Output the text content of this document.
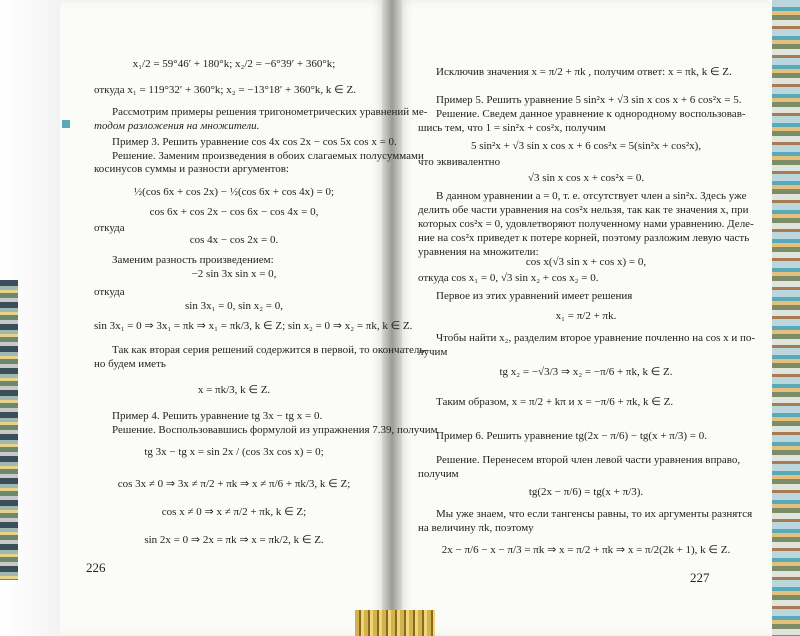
226
227
x₁/2 = 59°46′ + 180°k; x₂/2 = −6°39′ + 360°k;
откуда x₁ = 119°32′ + 360°k; x₂ = −13°18′ + 360°k, k ∈ Z.
Рассмотрим примеры решения тригонометрических уравнений ме-
тодом разложения на множители.
Пример 3. Решить уравнение cos 4x cos 2x − cos 5x cos x = 0.
Решение. Заменим произведения в обоих слагаемых полусуммами
косинусов суммы и разности аргументов:
½(cos 6x + cos 2x) − ½(cos 6x + cos 4x) = 0;
cos 6x + cos 2x − cos 6x − cos 4x = 0,
откуда
cos 4x − cos 2x = 0.
Заменим разность произведением:
−2 sin 3x sin x = 0,
откуда
sin 3x₁ = 0, sin x₂ = 0,
sin 3x₁ = 0 ⇒ 3x₁ = πk ⇒ x₁ = πk/3, k ∈ Z; sin x₂ = 0 ⇒ x₂ = πk, k ∈ Z.
Так как вторая серия решений содержится в первой, то окончатель-
но будем иметь
x = πk/3, k ∈ Z.
Пример 4. Решить уравнение tg 3x − tg x = 0.
Решение. Воспользовавшись формулой из упражнения 7.39, получим
tg 3x − tg x = sin 2x / (cos 3x cos x) = 0;
cos 3x ≠ 0 ⇒ 3x ≠ π/2 + πk ⇒ x ≠ π/6 + πk/3, k ∈ Z;
cos x ≠ 0 ⇒ x ≠ π/2 + πk, k ∈ Z;
sin 2x = 0 ⇒ 2x = πk ⇒ x = πk/2, k ∈ Z.
Исключив значения x = π/2 + πk , получим ответ: x = πk, k ∈ Z.
Пример 5. Решить уравнение 5 sin²x + √3 sin x cos x + 6 cos²x = 5.
Решение. Сведем данное уравнение к однородному воспользовав-
шись тем, что 1 = sin²x + cos²x, получим
5 sin²x + √3 sin x cos x + 6 cos²x = 5(sin²x + cos²x),
что эквивалентно
√3 sin x cos x + cos²x = 0.
В данном уравнении a = 0, т. е. отсутствует член a sin²x. Здесь уже
делить обе части уравнения на cos²x нельзя, так как те значения x, при
которых cos²x = 0, удовлетворяют полученному нами уравнению. Деле-
ние на cos²x приведет к потере корней, поэтому разложим левую часть
уравнения на множители:
cos x(√3 sin x + cos x) = 0,
откуда cos x₁ = 0, √3 sin x₂ + cos x₂ = 0.
Первое из этих уравнений имеет решения
x₁ = π/2 + πk.
Чтобы найти x₂, разделим второе уравнение почленно на cos x и по-
лучим
tg x₂ = −√3/3 ⇒ x₂ = −π/6 + πk, k ∈ Z.
Таким образом, x = π/2 + kπ и x = −π/6 + πk, k ∈ Z.
Пример 6. Решить уравнение tg(2x − π/6) − tg(x + π/3) = 0.
Решение. Перенесем второй член левой части уравнения вправо,
получим
tg(2x − π/6) = tg(x + π/3).
Мы уже знаем, что если тангенсы равны, то их аргументы разнятся
на величину πk, поэтому
2x − π/6 − x − π/3 = πk ⇒ x = π/2 + πk ⇒ x = π/2(2k + 1), k ∈ Z.
